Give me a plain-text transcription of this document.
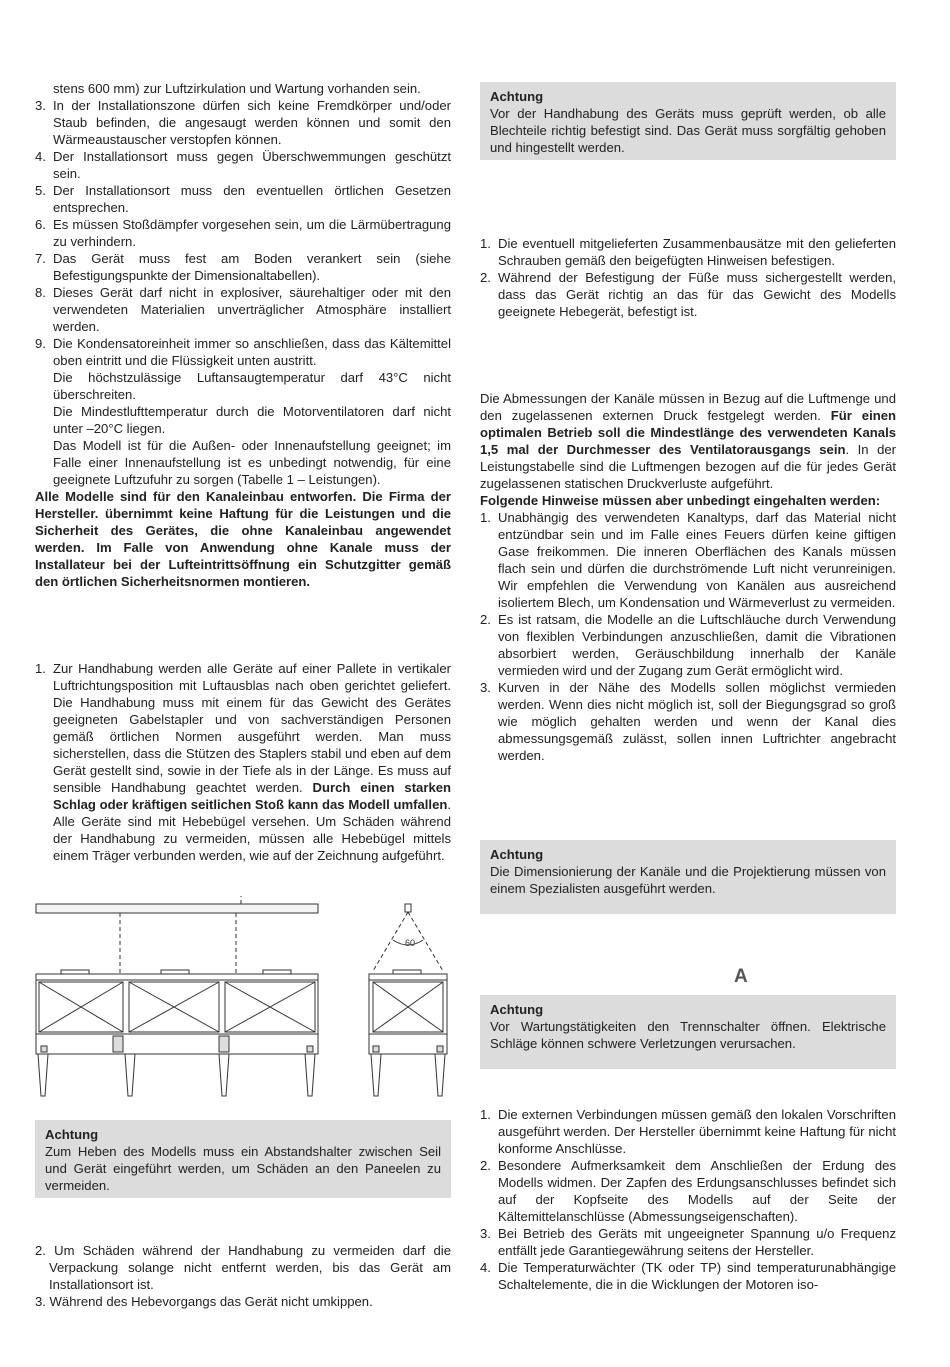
stens 600 mm) zur Luftzirkulation und Wartung vorhanden sein.

3. In der Installationszone dürfen sich keine Fremdkörper und/oder Staub befinden, die angesaugt werden können und somit den Wärmeaustauscher verstopfen können.
4. Der Installationsort muss gegen Überschwemmungen geschützt sein.
5. Der Installationsort muss den eventuellen örtlichen Gesetzen entsprechen.
6. Es müssen Stoßdämpfer vorgesehen sein, um die Lärmübertragung zu verhindern.
7. Das Gerät muss fest am Boden verankert sein (siehe Befestigungspunkte der Dimensionaltabellen).
8. Dieses Gerät darf nicht in explosiver, säurehaltiger oder mit den verwendeten Materialien unverträglicher Atmosphäre installiert werden.
9. Die Kondensatoreinheit immer so anschließen, dass das Kältemittel oben eintritt und die Flüssigkeit unten austritt.

Die höchstzulässige Luftansaugtemperatur darf 43°C nicht überschreiten.

Die Mindestlufttemperatur durch die Motorventilatoren darf nicht unter –20°C liegen.

Das Modell ist für die Außen- oder Innenaufstellung geeignet; im Falle einer Innenaufstellung ist es unbedingt notwendig, für eine geeignete Luftzufuhr zu sorgen (Tabelle 1 – Leistungen).

Alle Modelle sind für den Kanaleinbau entworfen. Die Firma der Hersteller. übernimmt keine Haftung für die Leistungen und die Sicherheit des Gerätes, die ohne Kanaleinbau angewendet werden. Im Falle von Anwendung ohne Kanale muss der Installateur bei der Lufteintrittsöffnung ein Schutzgitter gemäß den örtlichen Sicherheitsnormen montieren.

1. Zur Handhabung werden alle Geräte auf einer Pallete in vertikaler Luftrichtungsposition mit Luftausblas nach oben gerichtet geliefert. Die Handhabung muss mit einem für das Gewicht des Gerätes geeigneten Gabelstapler und von sachverständigen Personen gemäß örtlichen Normen ausgeführt werden. Man muss sicherstellen, dass die Stützen des Staplers stabil und eben auf dem Gerät gestellt sind, sowie in der Tiefe als in der Länge. Es muss auf sensible Handhabung geachtet werden. Durch einen starken Schlag oder kräftigen seitlichen Stoß kann das Modell umfallen. Alle Geräte sind mit Hebebügel versehen. Um Schäden während der Handhabung zu vermeiden, müssen alle Hebebügel mittels einem Träger verbunden werden, wie auf der Zeichnung aufgeführt.
60

Achtung

Zum Heben des Modells muss ein Abstandshalter zwischen Seil und Gerät eingeführt werden, um Schäden an den Paneelen zu vermeiden.

2. Um Schäden während der Handhabung zu vermeiden darf die Verpackung solange nicht entfernt werden, bis das Gerät am Installationsort ist.

3. Während des Hebevorgangs das Gerät nicht umkippen.

Achtung

Vor der Handhabung des Geräts muss geprüft werden, ob alle Blechteile richtig befestigt sind. Das Gerät muss sorgfältig gehoben und hingestellt werden.

1. Die eventuell mitgelieferten Zusammenbausätze mit den gelieferten Schrauben gemäß den beigefügten Hinweisen befestigen.
2. Während der Befestigung der Füße muss sichergestellt werden, dass das Gerät richtig an das für das Gewicht des Modells geeignete Hebegerät, befestigt ist.

Die Abmessungen der Kanäle müssen in Bezug auf die Luftmenge und den zugelassenen externen Druck festgelegt werden. Für einen optimalen Betrieb soll die Mindestlänge des verwendeten Kanals 1,5 mal der Durchmesser des Ventilatorausgangs sein. In der Leistungstabelle sind die Luftmengen bezogen auf die für jedes Gerät zugelassenen statischen Druckverluste aufgeführt.

Folgende Hinweise müssen aber unbedingt eingehalten werden:

1. Unabhängig des verwendeten Kanaltyps, darf das Material nicht entzündbar sein und im Falle eines Feuers dürfen keine giftigen Gase freikommen. Die inneren Oberflächen des Kanals müssen flach sein und dürfen die durchströmende Luft nicht verunreinigen. Wir empfehlen die Verwendung von Kanälen aus ausreichend isoliertem Blech, um Kondensation und Wärmeverlust zu vermeiden.
2. Es ist ratsam, die Modelle an die Luftschläuche durch Verwendung von flexiblen Verbindungen anzuschließen, damit die Vibrationen absorbiert werden, Geräuschbildung innerhalb der Kanäle vermieden wird und der Zugang zum Gerät ermöglicht wird.
3. Kurven in der Nähe des Modells sollen möglichst vermieden werden. Wenn dies nicht möglich ist, soll der Biegungsgrad so groß wie möglich gehalten werden und wenn der Kanal dies abmessungsgemäß zulässt, sollen innen Luftrichter angebracht werden.

Achtung

Die Dimensionierung der Kanäle und die Projektierung müssen von einem Spezialisten ausgeführt werden.

A

Achtung

Vor Wartungstätigkeiten den Trennschalter öffnen. Elektrische Schläge können schwere Verletzungen verursachen.

1. Die externen Verbindungen müssen gemäß den lokalen Vorschriften ausgeführt werden. Der Hersteller übernimmt keine Haftung für nicht konforme Anschlüsse.
2. Besondere Aufmerksamkeit dem Anschließen der Erdung des Modells widmen. Der Zapfen des Erdungsanschlusses befindet sich auf der Kopfseite des Modells auf der Seite der Kältemittelanschlüsse (Abmessungseigenschaften).
3. Bei Betrieb des Geräts mit ungeeigneter Spannung u/o Frequenz entfällt jede Garantiegewährung seitens der Hersteller.
4. Die Temperaturwächter (TK oder TP) sind temperaturunabhängige Schaltelemente, die in die Wicklungen der Motoren iso-
